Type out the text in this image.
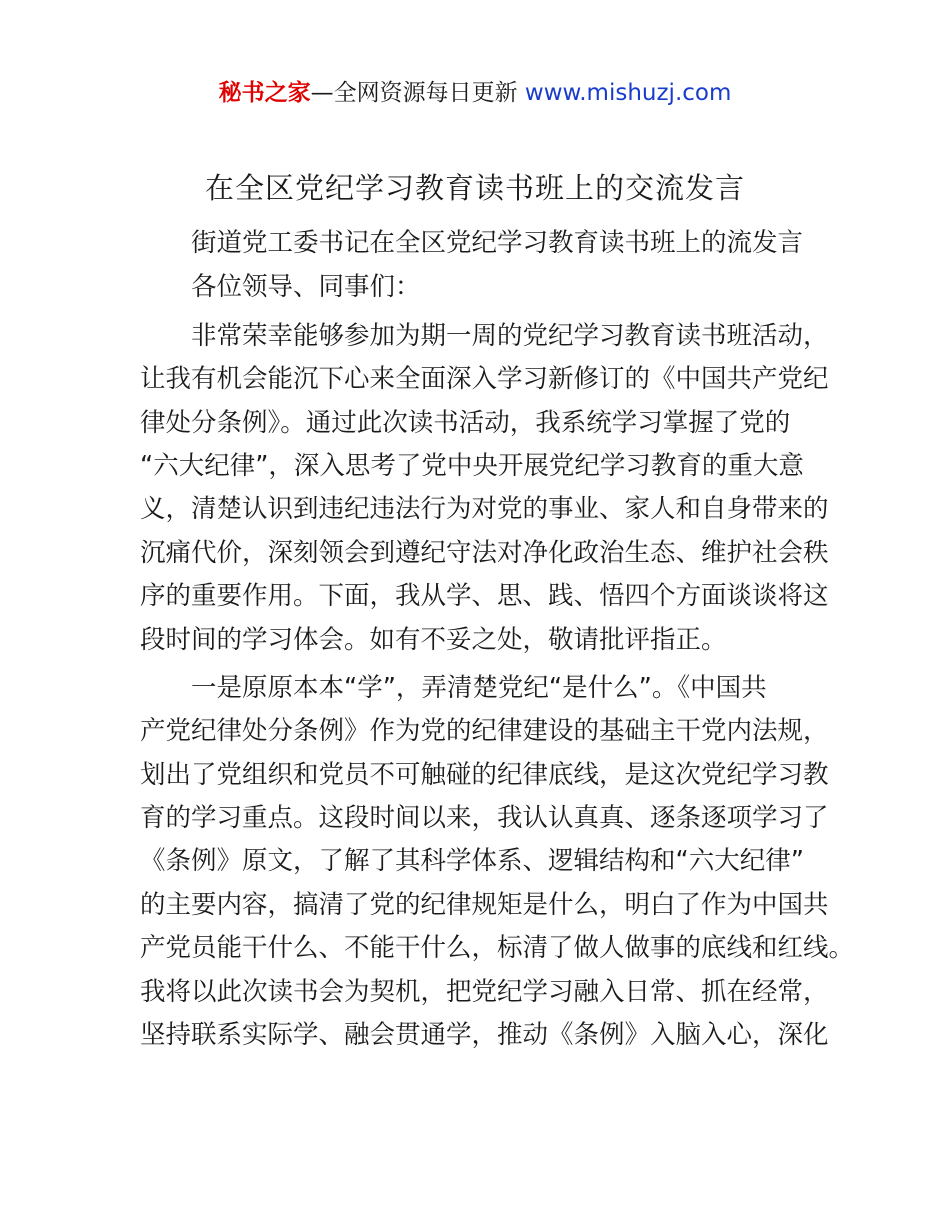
秘书之家—全网资源每日更新 www.mishuzj.com
在全区党纪学习教育读书班上的交流发言
街道党工委书记在全区党纪学习教育读书班上的流发言
各位领导、同事们：
非常荣幸能够参加为期一周的党纪学习教育读书班活动，
让我有机会能沉下心来全面深入学习新修订的《中国共产党纪
律处分条例》。通过此次读书活动，我系统学习掌握了党的
“六大纪律”，深入思考了党中央开展党纪学习教育的重大意
义，清楚认识到违纪违法行为对党的事业、家人和自身带来的
沉痛代价，深刻领会到遵纪守法对净化政治生态、维护社会秩
序的重要作用。下面，我从学、思、践、悟四个方面谈谈将这
段时间的学习体会。如有不妥之处，敬请批评指正。
一是原原本本“学”，弄清楚党纪“是什么”。《中国共
产党纪律处分条例》作为党的纪律建设的基础主干党内法规，
划出了党组织和党员不可触碰的纪律底线，是这次党纪学习教
育的学习重点。这段时间以来，我认认真真、逐条逐项学习了
《条例》原文，了解了其科学体系、逻辑结构和“六大纪律”
的主要内容，搞清了党的纪律规矩是什么，明白了作为中国共
产党员能干什么、不能干什么，标清了做人做事的底线和红线。
我将以此次读书会为契机，把党纪学习融入日常、抓在经常，
坚持联系实际学、融会贯通学，推动《条例》入脑入心，深化
